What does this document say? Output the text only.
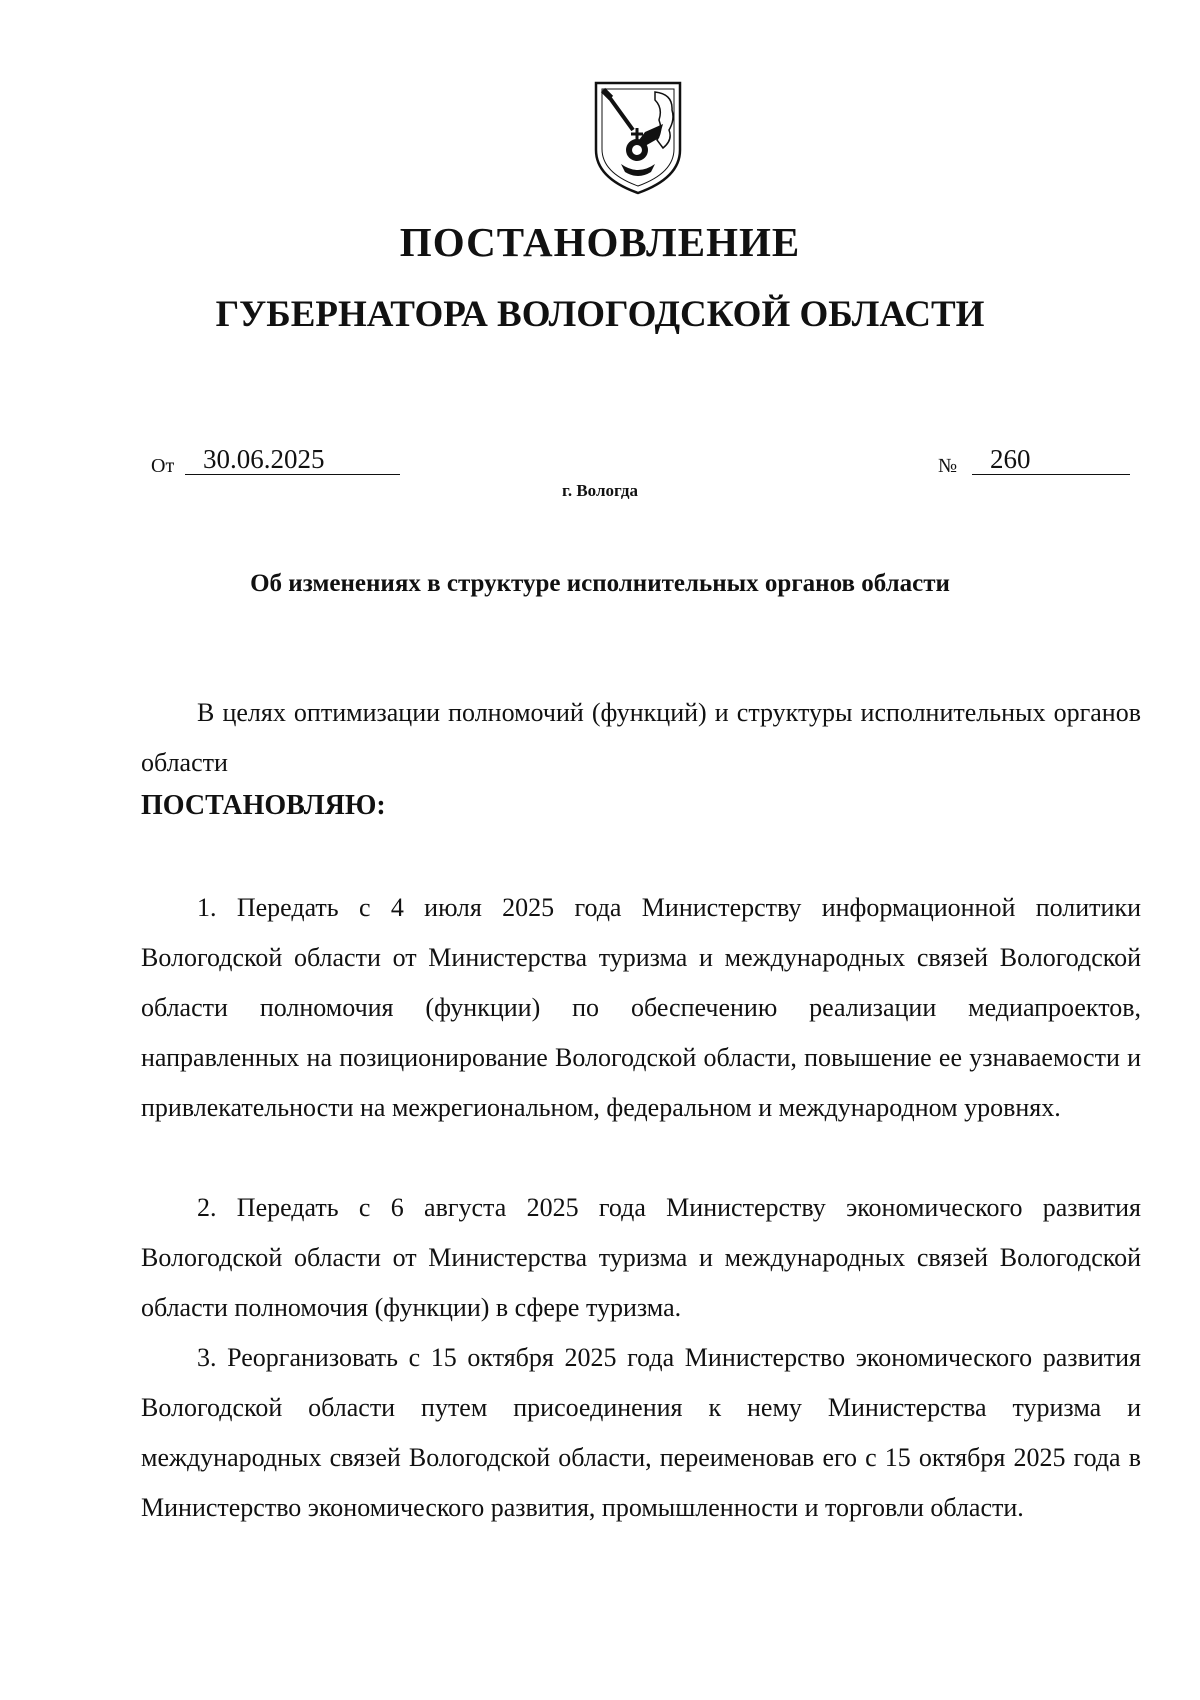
ПОСТАНОВЛЕНИЕ
ГУБЕРНАТОРА ВОЛОГОДСКОЙ ОБЛАСТИ
От	30.06.2025	№	260
г. Вологда
Об изменениях в структуре исполнительных органов области

В целях оптимизации полномочий (функций) и структуры исполнительных органов области

ПОСТАНОВЛЯЮ:

1. Передать с 4 июля 2025 года Министерству информационной политики Вологодской области от Министерства туризма и международных связей Вологодской области полномочия (функции) по обеспечению реализации медиапроектов, направленных на позиционирование Вологодской области, повышение ее узнаваемости и привлекательности на межрегиональном, федеральном и международном уровнях.

2. Передать с 6 августа 2025 года Министерству экономического развития Вологодской области от Министерства туризма и международных связей Вологодской области полномочия (функции) в сфере туризма.

3. Реорганизовать с 15 октября 2025 года Министерство экономического развития Вологодской области путем присоединения к нему Министерства туризма и международных связей Вологодской области, переименовав его с 15 октября 2025 года в Министерство экономического развития, промышленности и торговли области.
